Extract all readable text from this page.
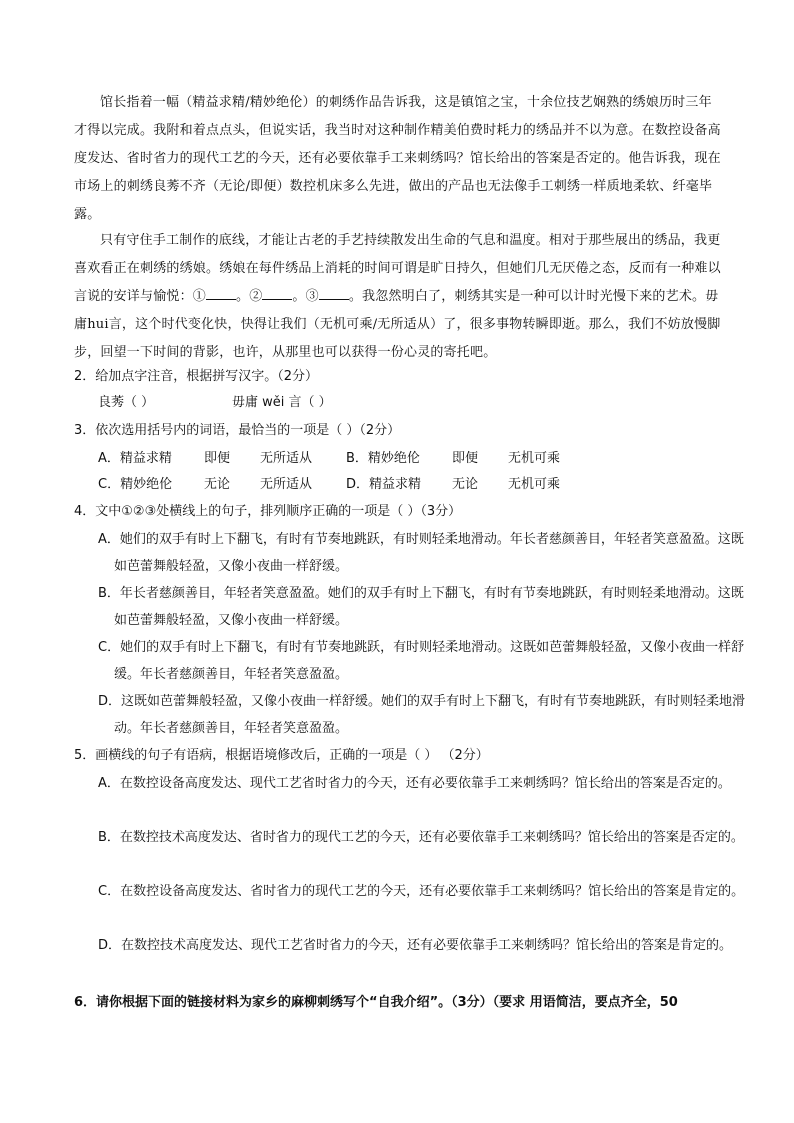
馆长指着一幅（精益求精/精妙绝伦）的刺绣作品告诉我，这是镇馆之宝，十余位技艺娴熟的绣娘历时三年才得以完成。我附和着点点头，但说实话，我当时对这种制作精美伯费时耗力的绣品并不以为意。在数控设备高度发达、省时省力的现代工艺的今天，还有必要依靠手工来刺绣吗？馆长给出的答案是否定的。他告诉我，现在市场上的刺绣良莠不齐（无论/即便）数控机床多么先进，做出的产品也无法像手工刺绣一样质地柔软、纤毫毕露。
只有守住手工制作的底线，才能让古老的手艺持续散发出生命的气息和温度。相对于那些展出的绣品，我更喜欢看正在刺绣的绣娘。绣娘在每件绣品上消耗的时间可谓是旷日持久，但她们几无厌倦之态，反而有一种难以言说的安详与愉悦：① 。② 。③ 。我忽然明白了，刺绣其实是一种可以计时光慢下来的艺术。毋庸hui言，这个时代变化快，快得让我们（无机可乘/无所适从）了，很多事物转瞬即逝。那么，我们不妨放慢脚步，回望一下时间的背影，也许，从那里也可以获得一份心灵的寄托吧。
2．给加点字注音，根据拼写汉字。（2分）
良莠（ ）	毋庸 wěi 言（ ）
3．依次选用括号内的词语，最恰当的一项是（ ）（2分）
A．精益求精 即便 无所适从	B．精妙绝伦 即便 无机可乘
C．精妙绝伦 无论 无所适从	D．精益求精 无论 无机可乘
4．文中①②③处横线上的句子，排列顺序正确的一项是（ ）（3分）
A．她们的双手有时上下翻飞，有时有节奏地跳跃，有时则轻柔地滑动。年长者慈颜善目，年轻者笑意盈盈。这既如芭蕾舞般轻盈，又像小夜曲一样舒缓。
B．年长者慈颜善目，年轻者笑意盈盈。她们的双手有时上下翻飞，有时有节奏地跳跃，有时则轻柔地滑动。这既如芭蕾舞般轻盈，又像小夜曲一样舒缓。
C．她们的双手有时上下翻飞，有时有节奏地跳跃，有时则轻柔地滑动。这既如芭蕾舞般轻盈，又像小夜曲一样舒缓。年长者慈颜善目，年轻者笑意盈盈。
D．这既如芭蕾舞般轻盈，又像小夜曲一样舒缓。她们的双手有时上下翻飞，有时有节奏地跳跃，有时则轻柔地滑动。年长者慈颜善目，年轻者笑意盈盈。
5．画横线的句子有语病，根据语境修改后，正确的一项是（ ） （2分）
A．在数控设备高度发达、现代工艺省时省力的今天，还有必要依靠手工来刺绣吗？馆长给出的答案是否定的。
B．在数控技术高度发达、省时省力的现代工艺的今天，还有必要依靠手工来刺绣吗？馆长给出的答案是否定的。
C．在数控设备高度发达、省时省力的现代工艺的今天，还有必要依靠手工来刺绣吗？馆长给出的答案是肯定的。
D．在数控技术高度发达、现代工艺省时省力的今天，还有必要依靠手工来刺绣吗？馆长给出的答案是肯定的。
6．请你根据下面的链接材料为家乡的麻柳刺绣写个“自我介绍”。（3分）（要求 用语简洁，要点齐全，50
